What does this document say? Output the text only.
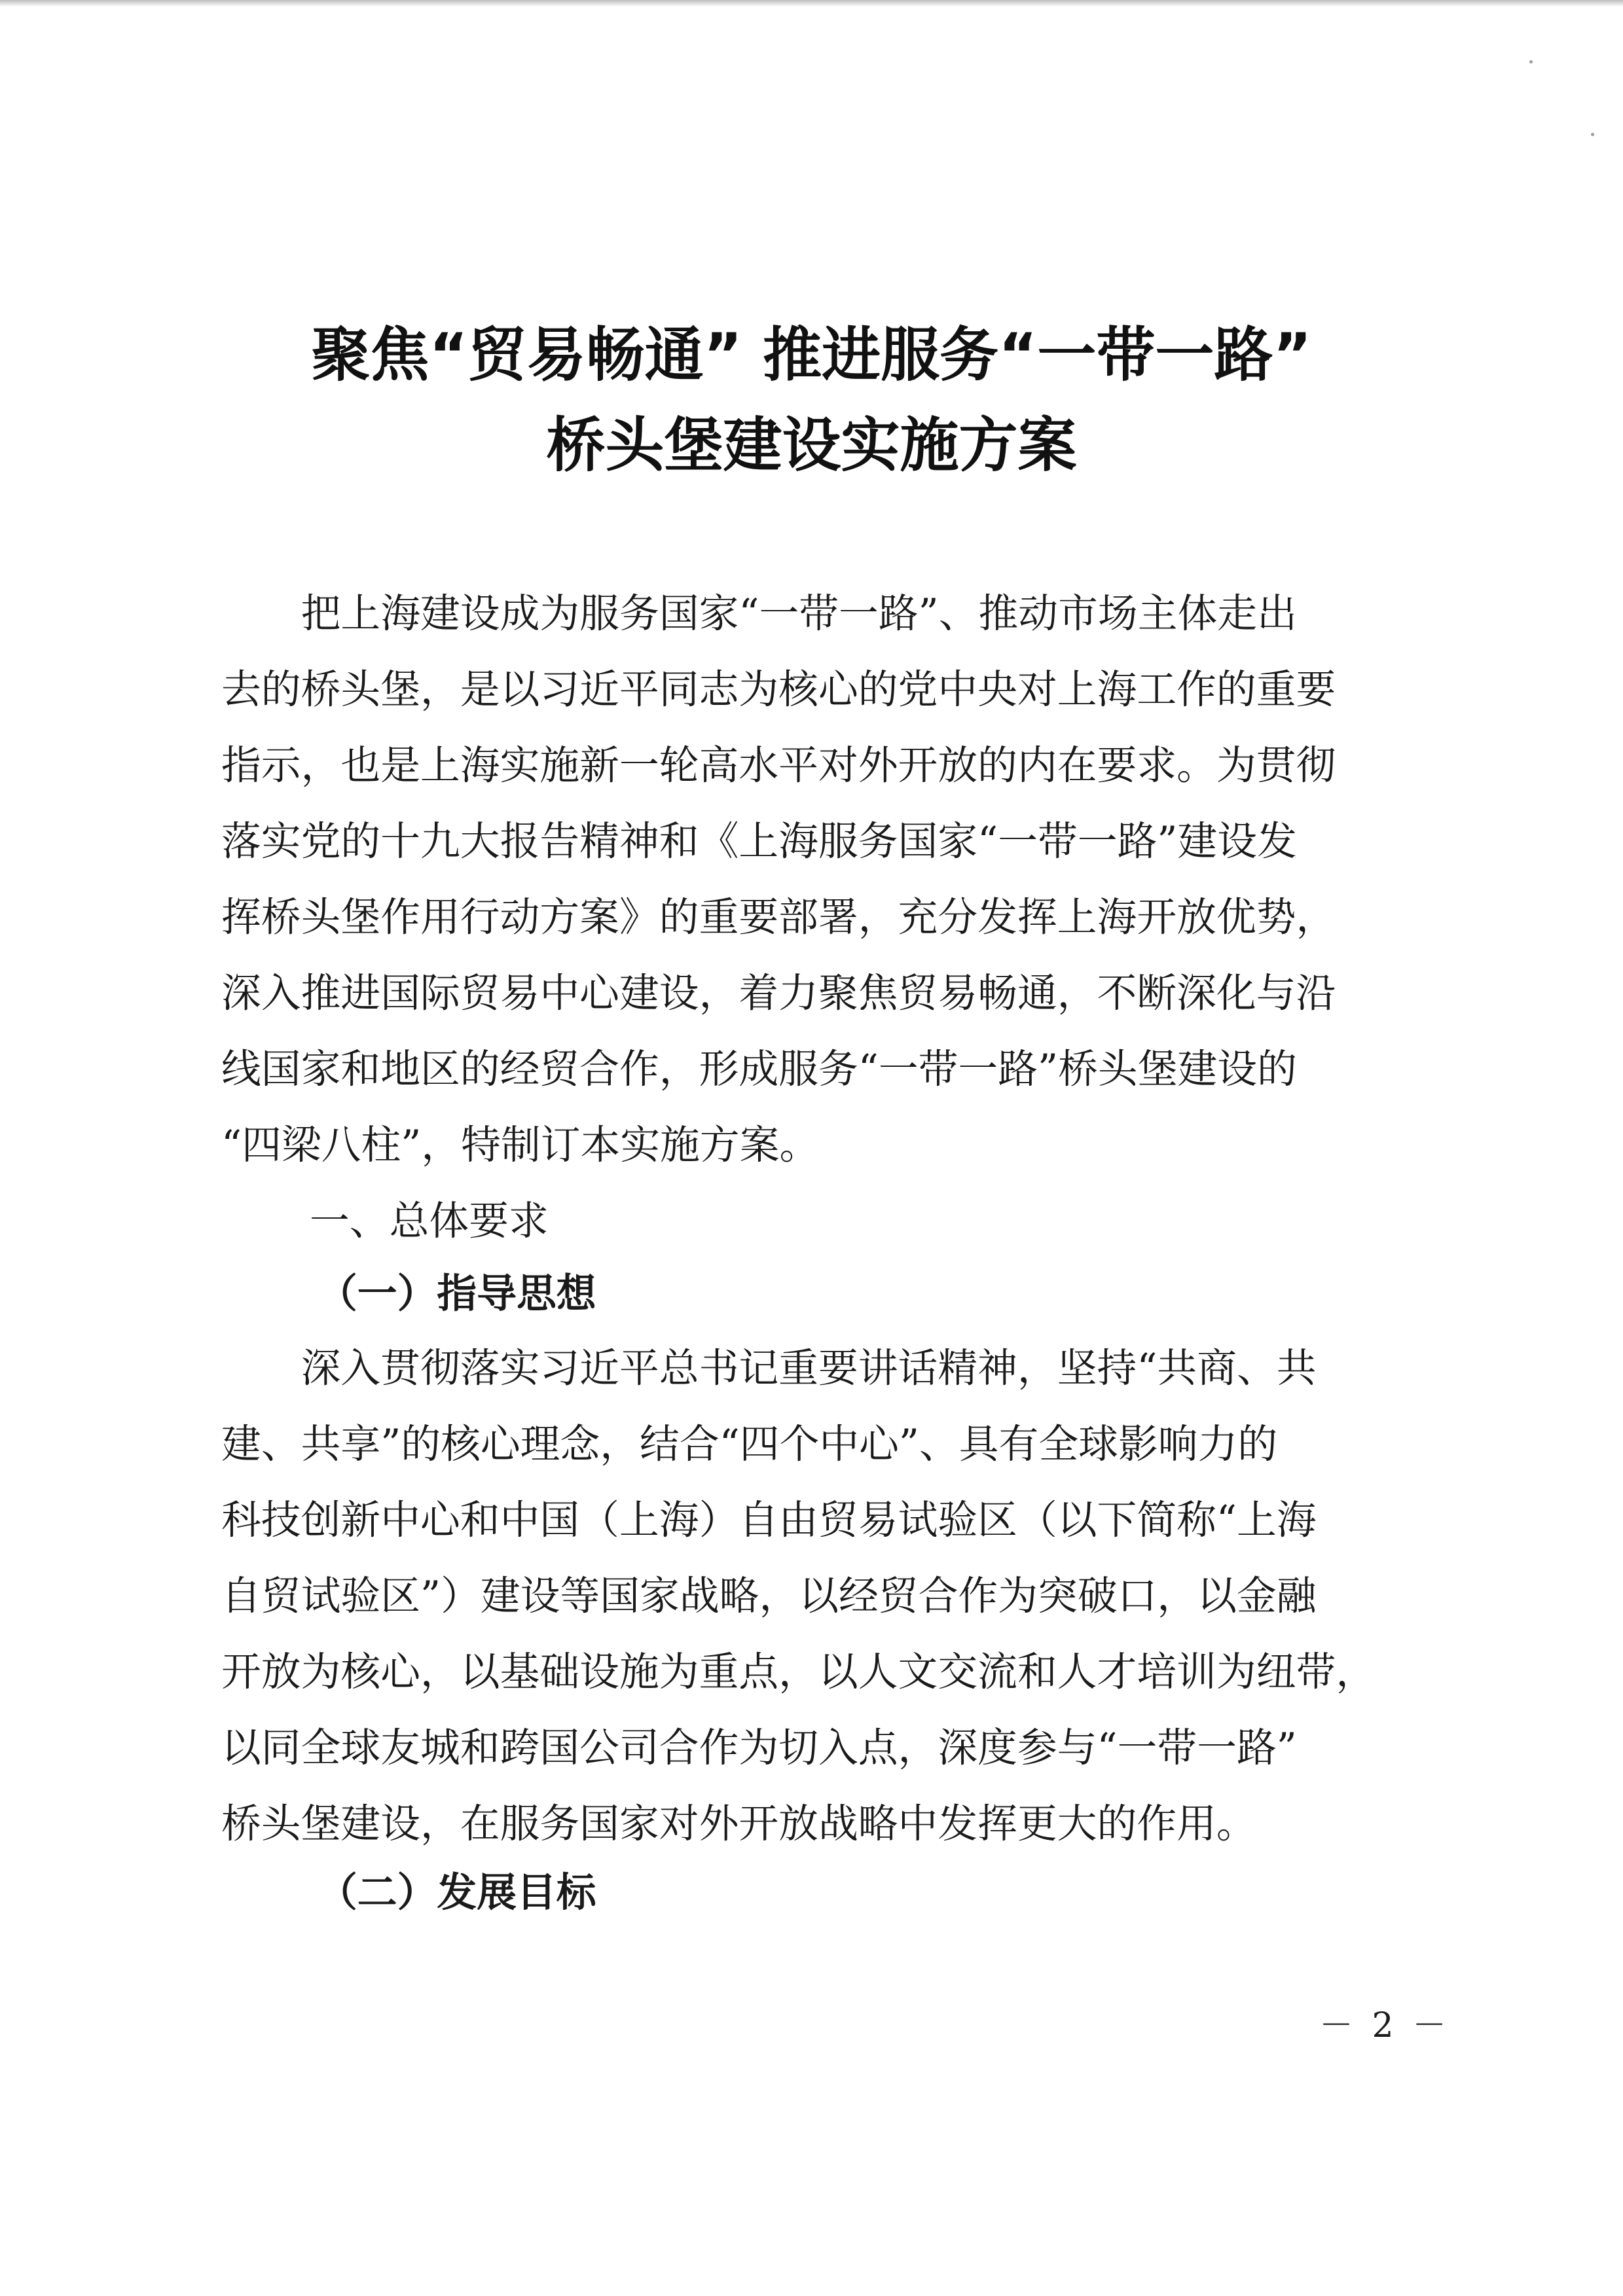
聚焦“贸易畅通” 推进服务“一带一路”
桥头堡建设实施方案
　　把上海建设成为服务国家“一带一路”、推动市场主体走出
去的桥头堡，是以习近平同志为核心的党中央对上海工作的重要
指示，也是上海实施新一轮高水平对外开放的内在要求。为贯彻
落实党的十九大报告精神和《上海服务国家“一带一路”建设发
挥桥头堡作用行动方案》的重要部署，充分发挥上海开放优势，
深入推进国际贸易中心建设，着力聚焦贸易畅通，不断深化与沿
线国家和地区的经贸合作，形成服务“一带一路”桥头堡建设的
“四梁八柱”，特制订本实施方案。
一、总体要求
（一）指导思想
　　深入贯彻落实习近平总书记重要讲话精神，坚持“共商、共
建、共享”的核心理念，结合“四个中心”、具有全球影响力的
科技创新中心和中国（上海）自由贸易试验区（以下简称“上海
自贸试验区”）建设等国家战略，以经贸合作为突破口，以金融
开放为核心，以基础设施为重点，以人文交流和人才培训为纽带，
以同全球友城和跨国公司合作为切入点，深度参与“一带一路”
桥头堡建设，在服务国家对外开放战略中发挥更大的作用。
（二）发展目标
－ 2 －
